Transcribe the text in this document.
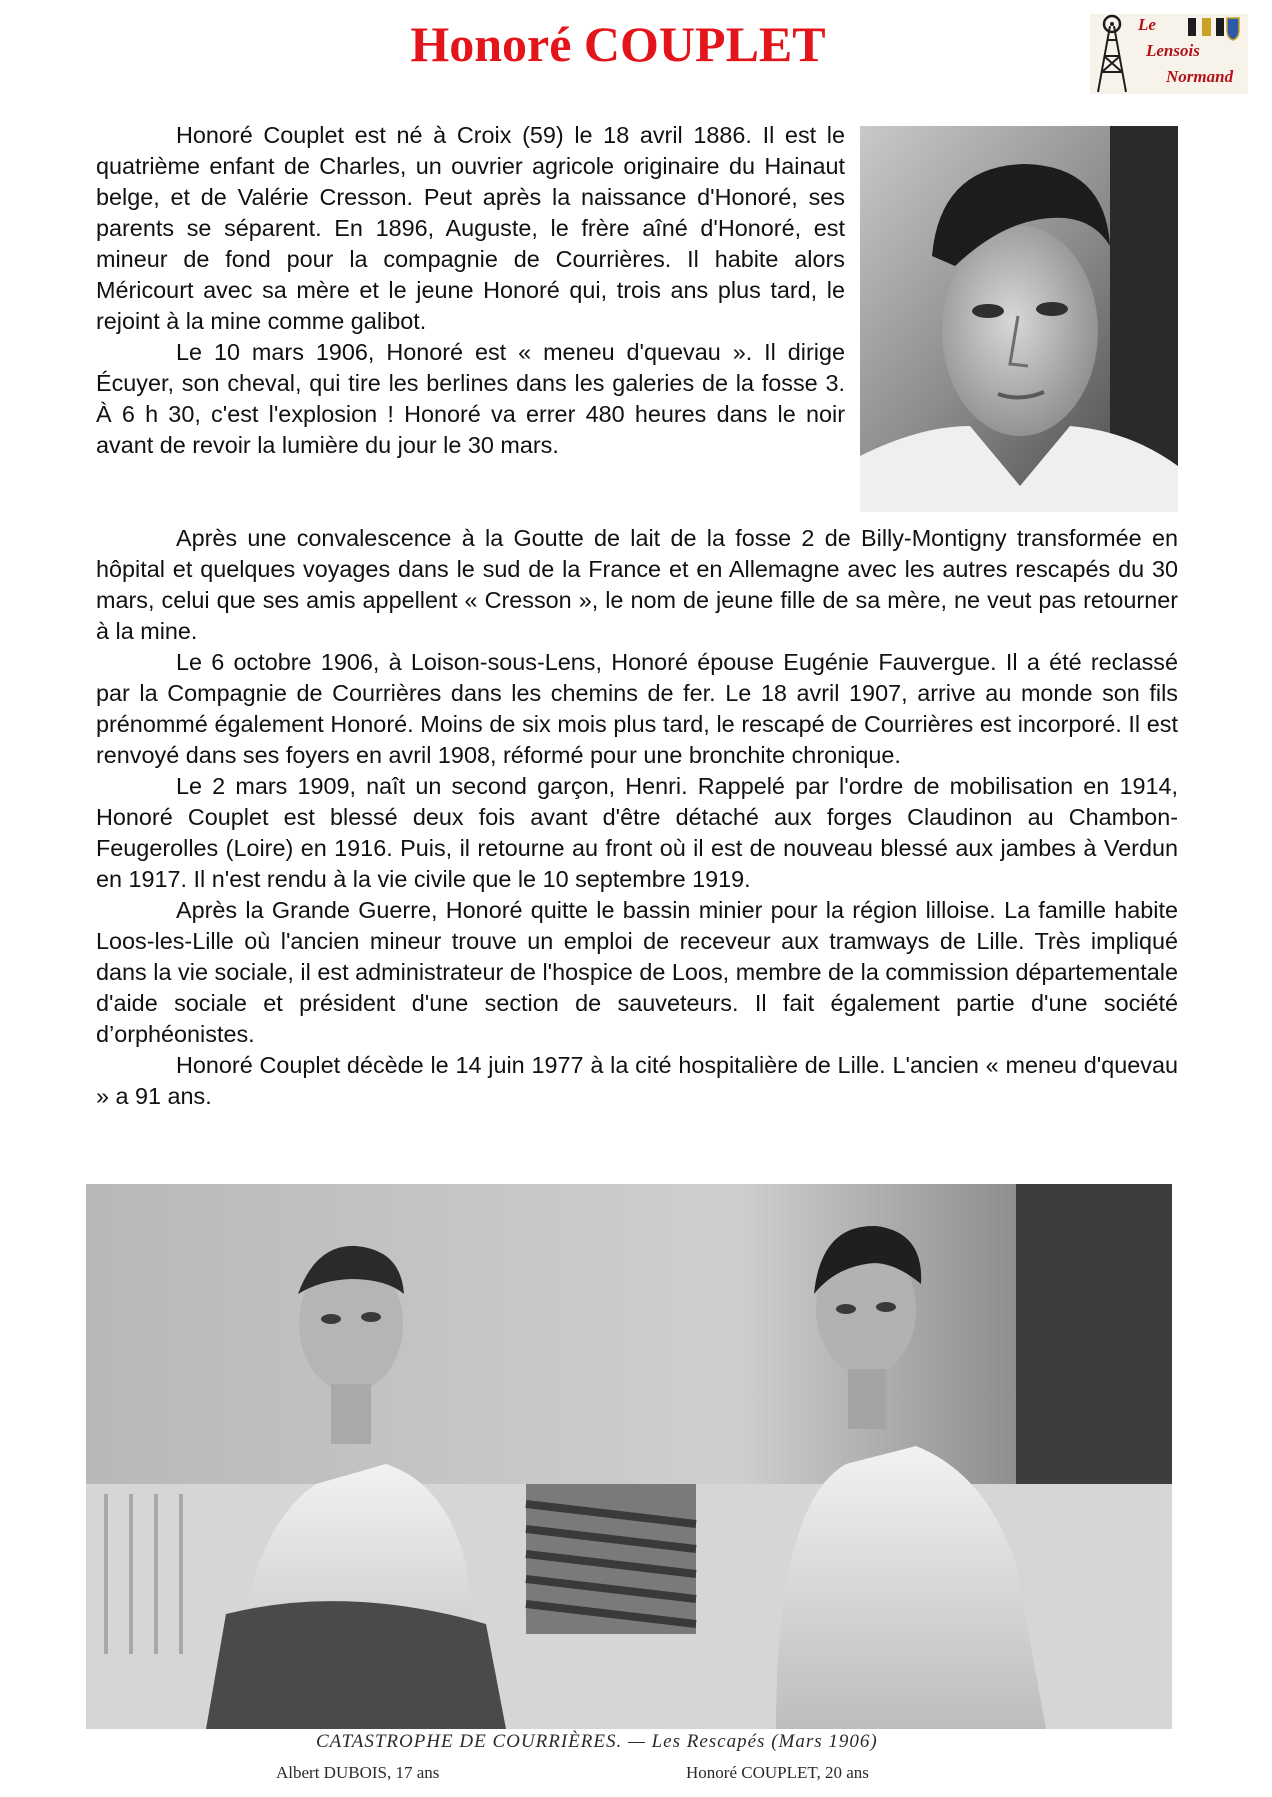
Honoré COUPLET	Le
Lensois
Normand

Honoré Couplet est né à Croix (59) le 18 avril 1886. Il est le quatrième enfant de Charles, un ouvrier agricole originaire du Hainaut belge, et de Valérie Cresson. Peut après la naissance d'Honoré, ses parents se séparent. En 1896, Auguste, le frère aîné d'Honoré, est mineur de fond pour la compagnie de Courrières. Il habite alors Méricourt avec sa mère et le jeune Honoré qui, trois ans plus tard, le rejoint à la mine comme galibot.

Le 10 mars 1906, Honoré est « meneu d'quevau ». Il dirige Écuyer, son cheval, qui tire les berlines dans les galeries de la fosse 3. À 6 h 30, c'est l'explosion ! Honoré va errer 480 heures dans le noir avant de revoir la lumière du jour le 30 mars.

Après une convalescence à la Goutte de lait de la fosse 2 de Billy-Montigny transformée en hôpital et quelques voyages dans le sud de la France et en Allemagne avec les autres rescapés du 30 mars, celui que ses amis appellent « Cresson », le nom de jeune fille de sa mère, ne veut pas retourner à la mine.

Le 6 octobre 1906, à Loison-sous-Lens, Honoré épouse Eugénie Fauvergue. Il a été reclassé par la Compagnie de Courrières dans les chemins de fer. Le 18 avril 1907, arrive au monde son fils prénommé également Honoré. Moins de six mois plus tard, le rescapé de Courrières est incorporé. Il est renvoyé dans ses foyers en avril 1908, réformé pour une bronchite chronique.

Le 2 mars 1909, naît un second garçon, Henri. Rappelé par l'ordre de mobilisation en 1914, Honoré Couplet est blessé deux fois avant d'être détaché aux forges Claudinon au Chambon-Feugerolles (Loire) en 1916. Puis, il retourne au front où il est de nouveau blessé aux jambes à Verdun en 1917. Il n'est rendu à la vie civile que le 10 septembre 1919.

Après la Grande Guerre, Honoré quitte le bassin minier pour la région lilloise. La famille habite Loos-les-Lille où l'ancien mineur trouve un emploi de receveur aux tramways de Lille. Très impliqué dans la vie sociale, il est administrateur de l'hospice de Loos, membre de la commission départementale d'aide sociale et président d'une section de sauveteurs. Il fait également partie d'une société d’orphéonistes.

Honoré Couplet décède le 14 juin 1977 à la cité hospitalière de Lille. L'ancien « meneu d'quevau » a 91 ans.

CATASTROPHE DE COURRIÈRES. — Les Rescapés (Mars 1906)
Albert DUBOIS, 17 ans	Honoré COUPLET, 20 ans
